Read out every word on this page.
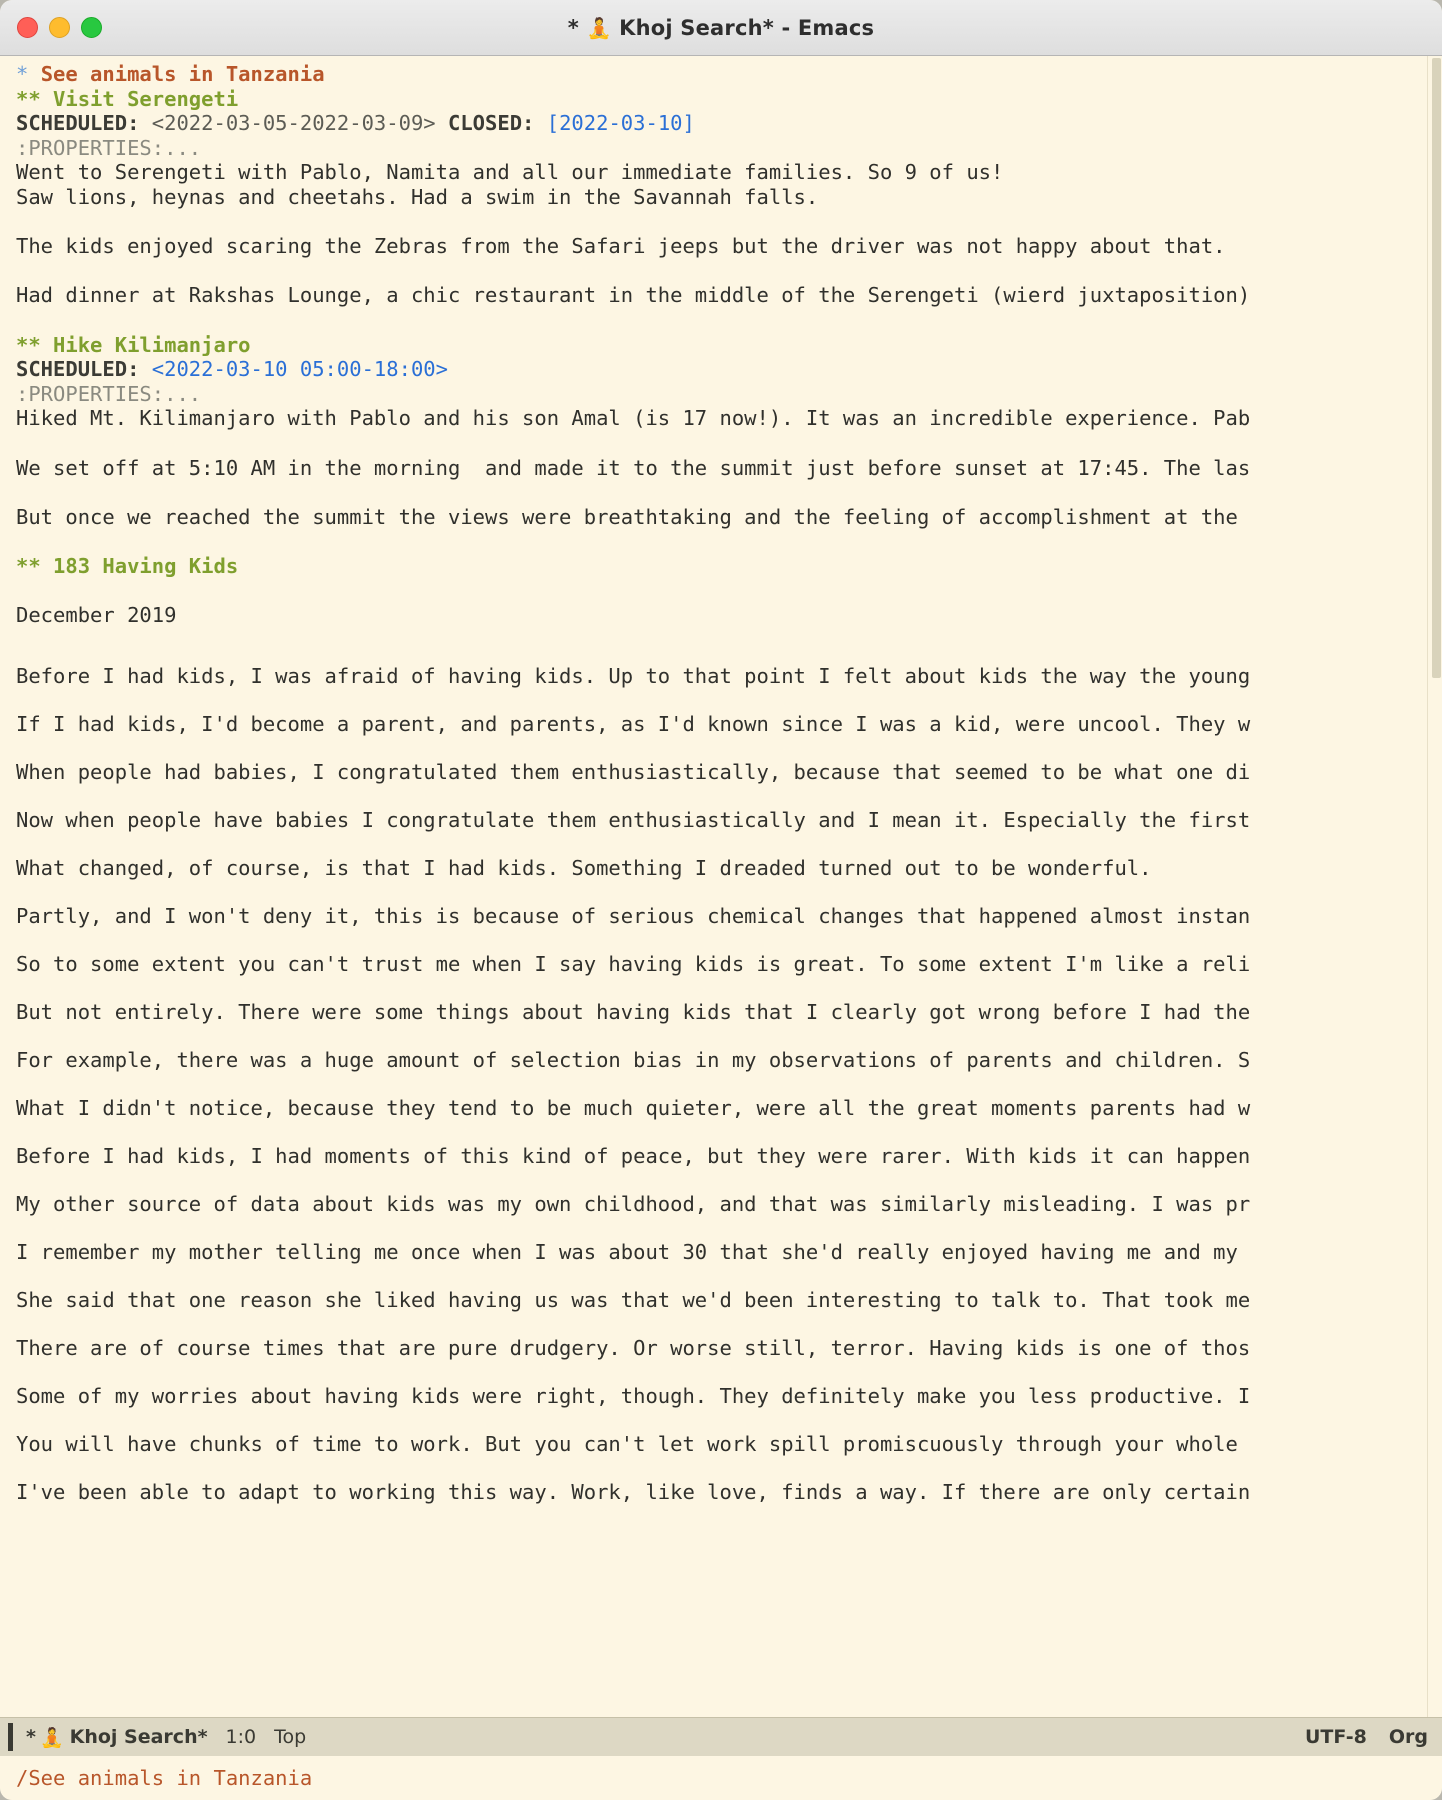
* 🧘 Khoj Search* - Emacs
* See animals in Tanzania
** Visit Serengeti
SCHEDULED: <2022-03-05-2022-03-09> CLOSED: [2022-03-10]
:PROPERTIES:...
Went to Serengeti with Pablo, Namita and all our immediate families. So 9 of us!
Saw lions, heynas and cheetahs. Had a swim in the Savannah falls.

The kids enjoyed scaring the Zebras from the Safari jeeps but the driver was not happy about that.

Had dinner at Rakshas Lounge, a chic restaurant in the middle of the Serengeti (wierd juxtaposition)

** Hike Kilimanjaro
SCHEDULED: <2022-03-10 05:00-18:00>
:PROPERTIES:...
Hiked Mt. Kilimanjaro with Pablo and his son Amal (is 17 now!). It was an incredible experience. Pab

We set off at 5:10 AM in the morning  and made it to the summit just before sunset at 17:45. The las

But once we reached the summit the views were breathtaking and the feeling of accomplishment at the

** 183 Having Kids

December 2019

Before I had kids, I was afraid of having kids. Up to that point I felt about kids the way the young
If I had kids, I'd become a parent, and parents, as I'd known since I was a kid, were uncool. They w
When people had babies, I congratulated them enthusiastically, because that seemed to be what one di
Now when people have babies I congratulate them enthusiastically and I mean it. Especially the first
What changed, of course, is that I had kids. Something I dreaded turned out to be wonderful.
Partly, and I won't deny it, this is because of serious chemical changes that happened almost instan
So to some extent you can't trust me when I say having kids is great. To some extent I'm like a reli
But not entirely. There were some things about having kids that I clearly got wrong before I had the
For example, there was a huge amount of selection bias in my observations of parents and children. S
What I didn't notice, because they tend to be much quieter, were all the great moments parents had w
Before I had kids, I had moments of this kind of peace, but they were rarer. With kids it can happen
My other source of data about kids was my own childhood, and that was similarly misleading. I was pr
I remember my mother telling me once when I was about 30 that she'd really enjoyed having me and my
She said that one reason she liked having us was that we'd been interesting to talk to. That took me
There are of course times that are pure drudgery. Or worse still, terror. Having kids is one of thos
Some of my worries about having kids were right, though. They definitely make you less productive. I
You will have chunks of time to work. But you can't let work spill promiscuously through your whole
I've been able to adapt to working this way. Work, like love, finds a way. If there are only certain
* 🧘 Khoj Search* 1:0 Top	UTF-8 Org
/See animals in Tanzania
